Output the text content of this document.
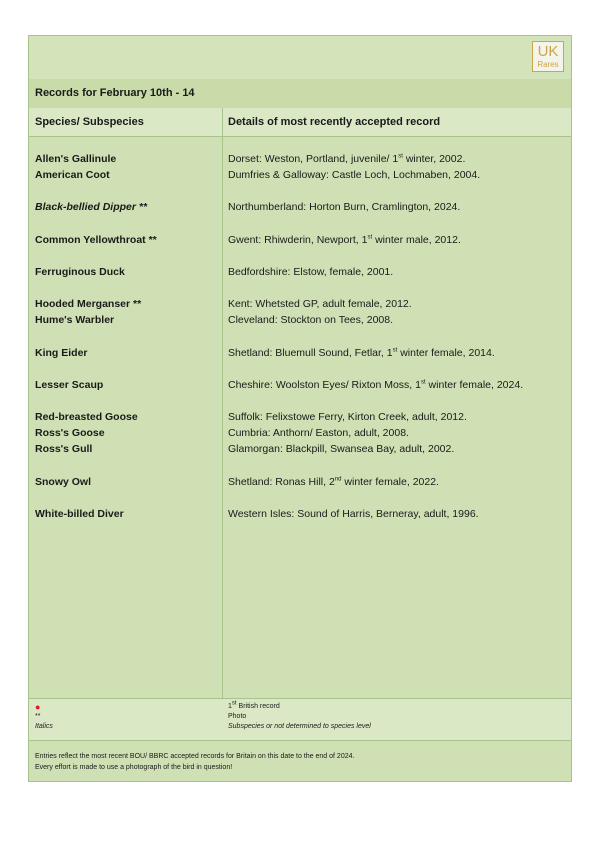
UK
Rares
Records for February 10th - 14
Species/ Subspecies	Details of most recently accepted record
Allen's Gallinule	Dorset: Weston, Portland, juvenile/ 1st winter, 2002.
American Coot	Dumfries & Galloway: Castle Loch, Lochmaben, 2004.
Black-bellied Dipper **	Northumberland: Horton Burn, Cramlington, 2024.
Common Yellowthroat **	Gwent: Rhiwderin, Newport, 1st winter male, 2012.
Ferruginous Duck	Bedfordshire: Elstow, female, 2001.
Hooded Merganser **	Kent: Whetsted GP, adult female, 2012.
Hume's Warbler	Cleveland: Stockton on Tees, 2008.
King Eider	Shetland: Bluemull Sound, Fetlar, 1st winter female, 2014.
Lesser Scaup	Cheshire: Woolston Eyes/ Rixton Moss, 1st winter female, 2024.
Red-breasted Goose	Suffolk: Felixstowe Ferry, Kirton Creek, adult, 2012.
Ross's Goose	Cumbria: Anthorn/ Easton, adult, 2008.
Ross's Gull	Glamorgan: Blackpill, Swansea Bay, adult, 2002.
Snowy Owl	Shetland: Ronas Hill, 2nd winter female, 2022.
White-billed Diver	Western Isles: Sound of Harris, Berneray, adult, 1996.
●
**
Italics
1st British record
Photo
Subspecies or not determined to species level
Entries reflect the most recent BOU/ BBRC accepted records for Britain on this date to the end of 2024.
Every effort is made to use a photograph of the bird in question!
